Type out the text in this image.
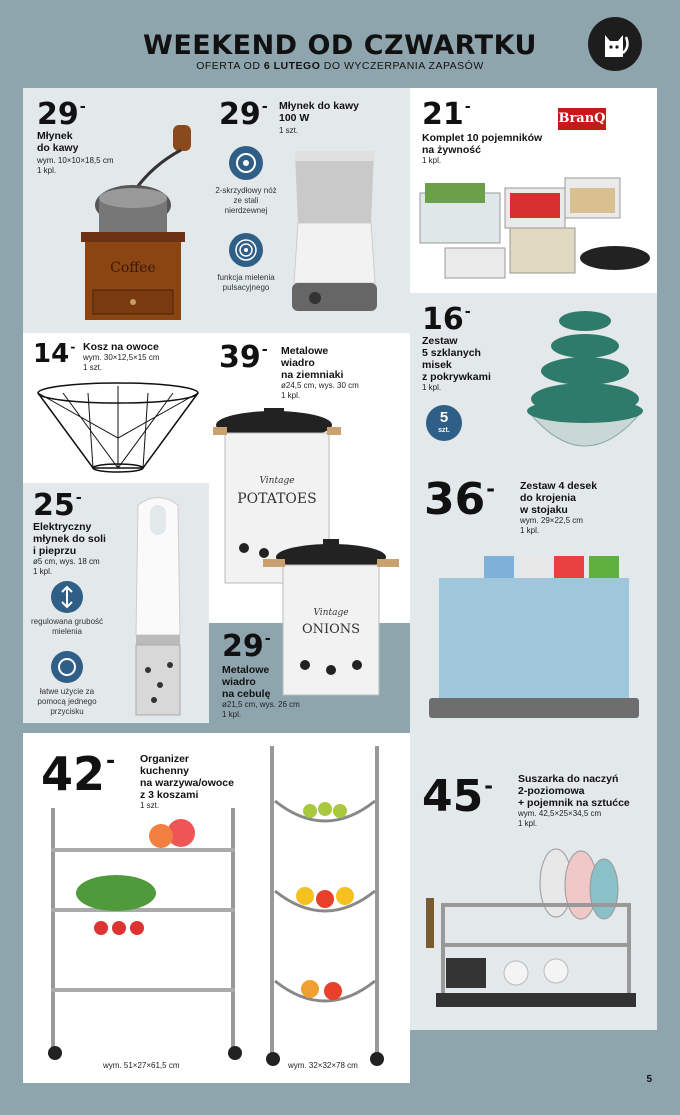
WEEKEND OD CZWARTKU
OFERTA OD 6 LUTEGO DO WYCZERPANIA ZAPASÓW
29-
Młynek
do kawy
wym. 10×10×18,5 cm
1 kpl.
Coffee
29- Młynek do kawy
100 W
1 szt.
2-skrzydłowy nóż ze stali nierdzewnej
funkcja mielenia pulsacyjnego
21-
BranQ
Komplet 10 pojemników
na żywność
1 kpl.
14- Kosz na owoce
wym. 30×12,5×15 cm
1 szt.	39- Metalowe
wiadro
na ziemniaki
ø24,5 cm, wys. 30 cm
1 kpl.
Vintage
POTATOES
16-
Zestaw
5 szklanych
misek
z pokrywkami
1 kpl.
5
szt.
25-
Elektryczny
młynek do soli
i pieprzu
ø5 cm, wys. 18 cm
1 kpl.
regulowana grubość mielenia
łatwe użycie za pomocą jednego przycisku
Vintage
ONIONS
29-
Metalowe
wiadro
na cebulę
ø21,5 cm, wys. 26 cm
1 kpl.
36- Zestaw 4 desek
do krojenia
w stojaku
wym. 29×22,5 cm
1 kpl.
42- Organizer
kuchenny
na warzywa/owoce
z 3 koszami
1 szt.
wym. 51×27×61,5 cm	wym. 32×32×78 cm
45- Suszarka do naczyń
2-poziomowa
+ pojemnik na sztućce
wym. 42,5×25×34,5 cm
1 kpl.
5
